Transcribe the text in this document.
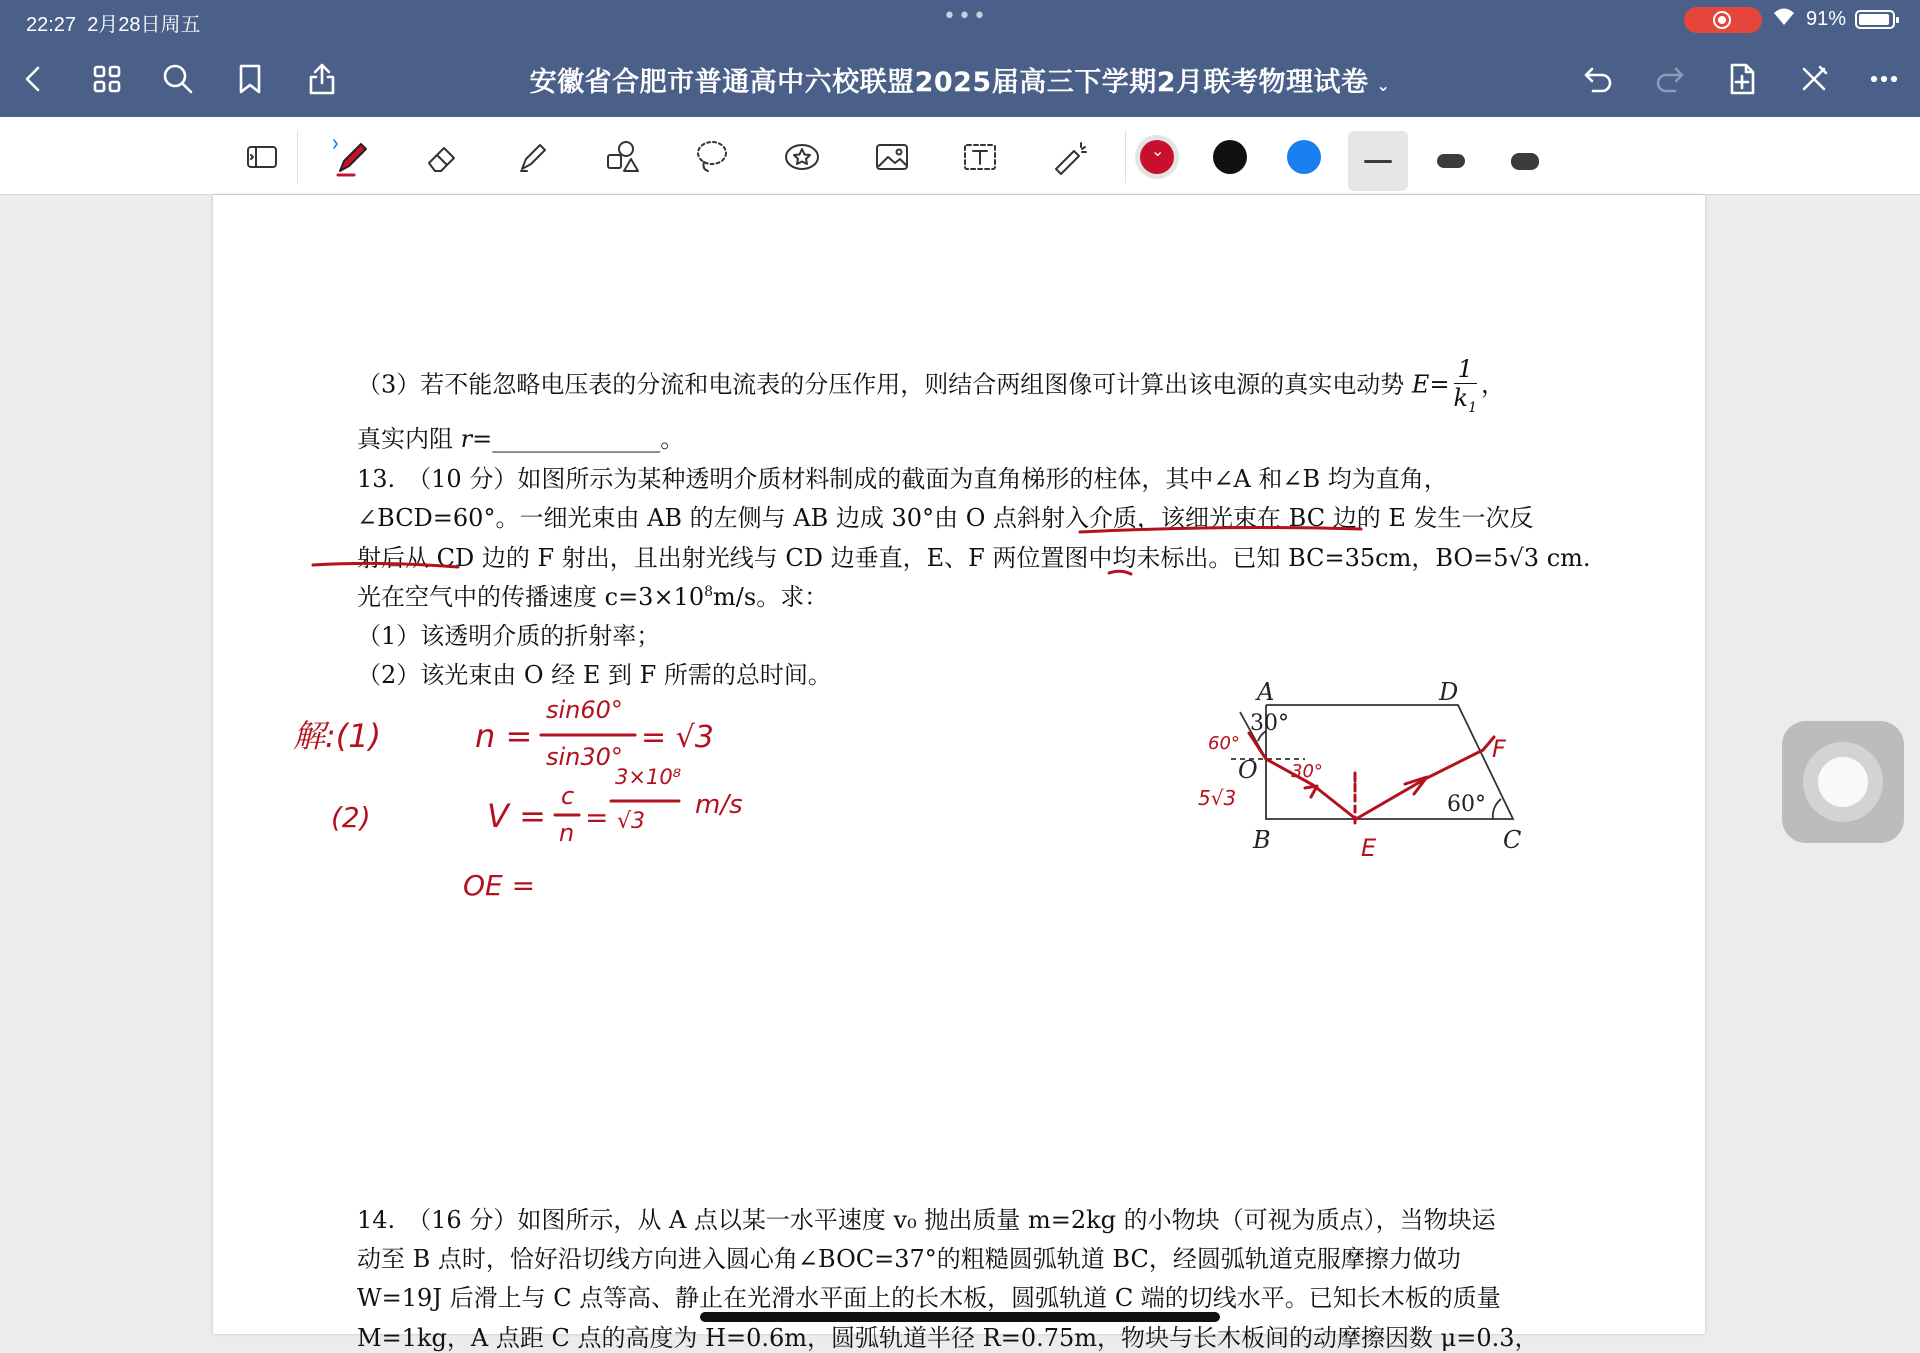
22:27 2月28日周五	•••	91%
安徽省合肥市普通高中六校联盟2025届高三下学期2月联考物理试卷 ⌄
⌄
（3）若不能忽略电压表的分流和电流表的分压作用，则结合两组图像可计算出该电源的真实电动势 $E= \frac{1}{k_1}$ ，
真实内阻 r=______________。
13.　（10 分）如图所示为某种透明介质材料制成的截面为直角梯形的柱体，其中∠A 和∠B 均为直角，
∠BCD=60°。一细光束由 AB 的左侧与 AB 边成 30°由 O 点斜射入介质，该细光束在 BC 边的 E 发生一次反
射后从 CD 边的 F 射出，且出射光线与 CD 边垂直，E、F 两位置图中均未标出。已知 BC=35cm，BO=5√3 cm.
光在空气中的传播速度 $c=3\times 10^8m/s$。求：
（1）该透明介质的折射率；
（2）该光束由 O 经 E 到 F 所需的总时间。
14.　（16 分）如图所示，从 A 点以某一水平速度 v₀ 抛出质量 m=2kg 的小物块（可视为质点），当物块运
动至 B 点时，恰好沿切线方向进入圆心角∠BOC=37°的粗糙圆弧轨道 BC，经圆弧轨道克服摩擦力做功
W=19J 后滑上与 C 点等高、静止在光滑水平面上的长木板，圆弧轨道 C 端的切线水平。已知长木板的质量
M=1kg，A 点距 C 点的高度为 H=0.6m，圆弧轨道半径 R=0.75m，物块与长木板间的动摩擦因数 μ=0.3，
A	D
B	C
O
30°
60°
解:(1)	n =
sin60°
sin30°
= √3
(2)	V =
c
n =
3×10⁸
√3
m/s
OE =
60°
30°
5√3
E
F
